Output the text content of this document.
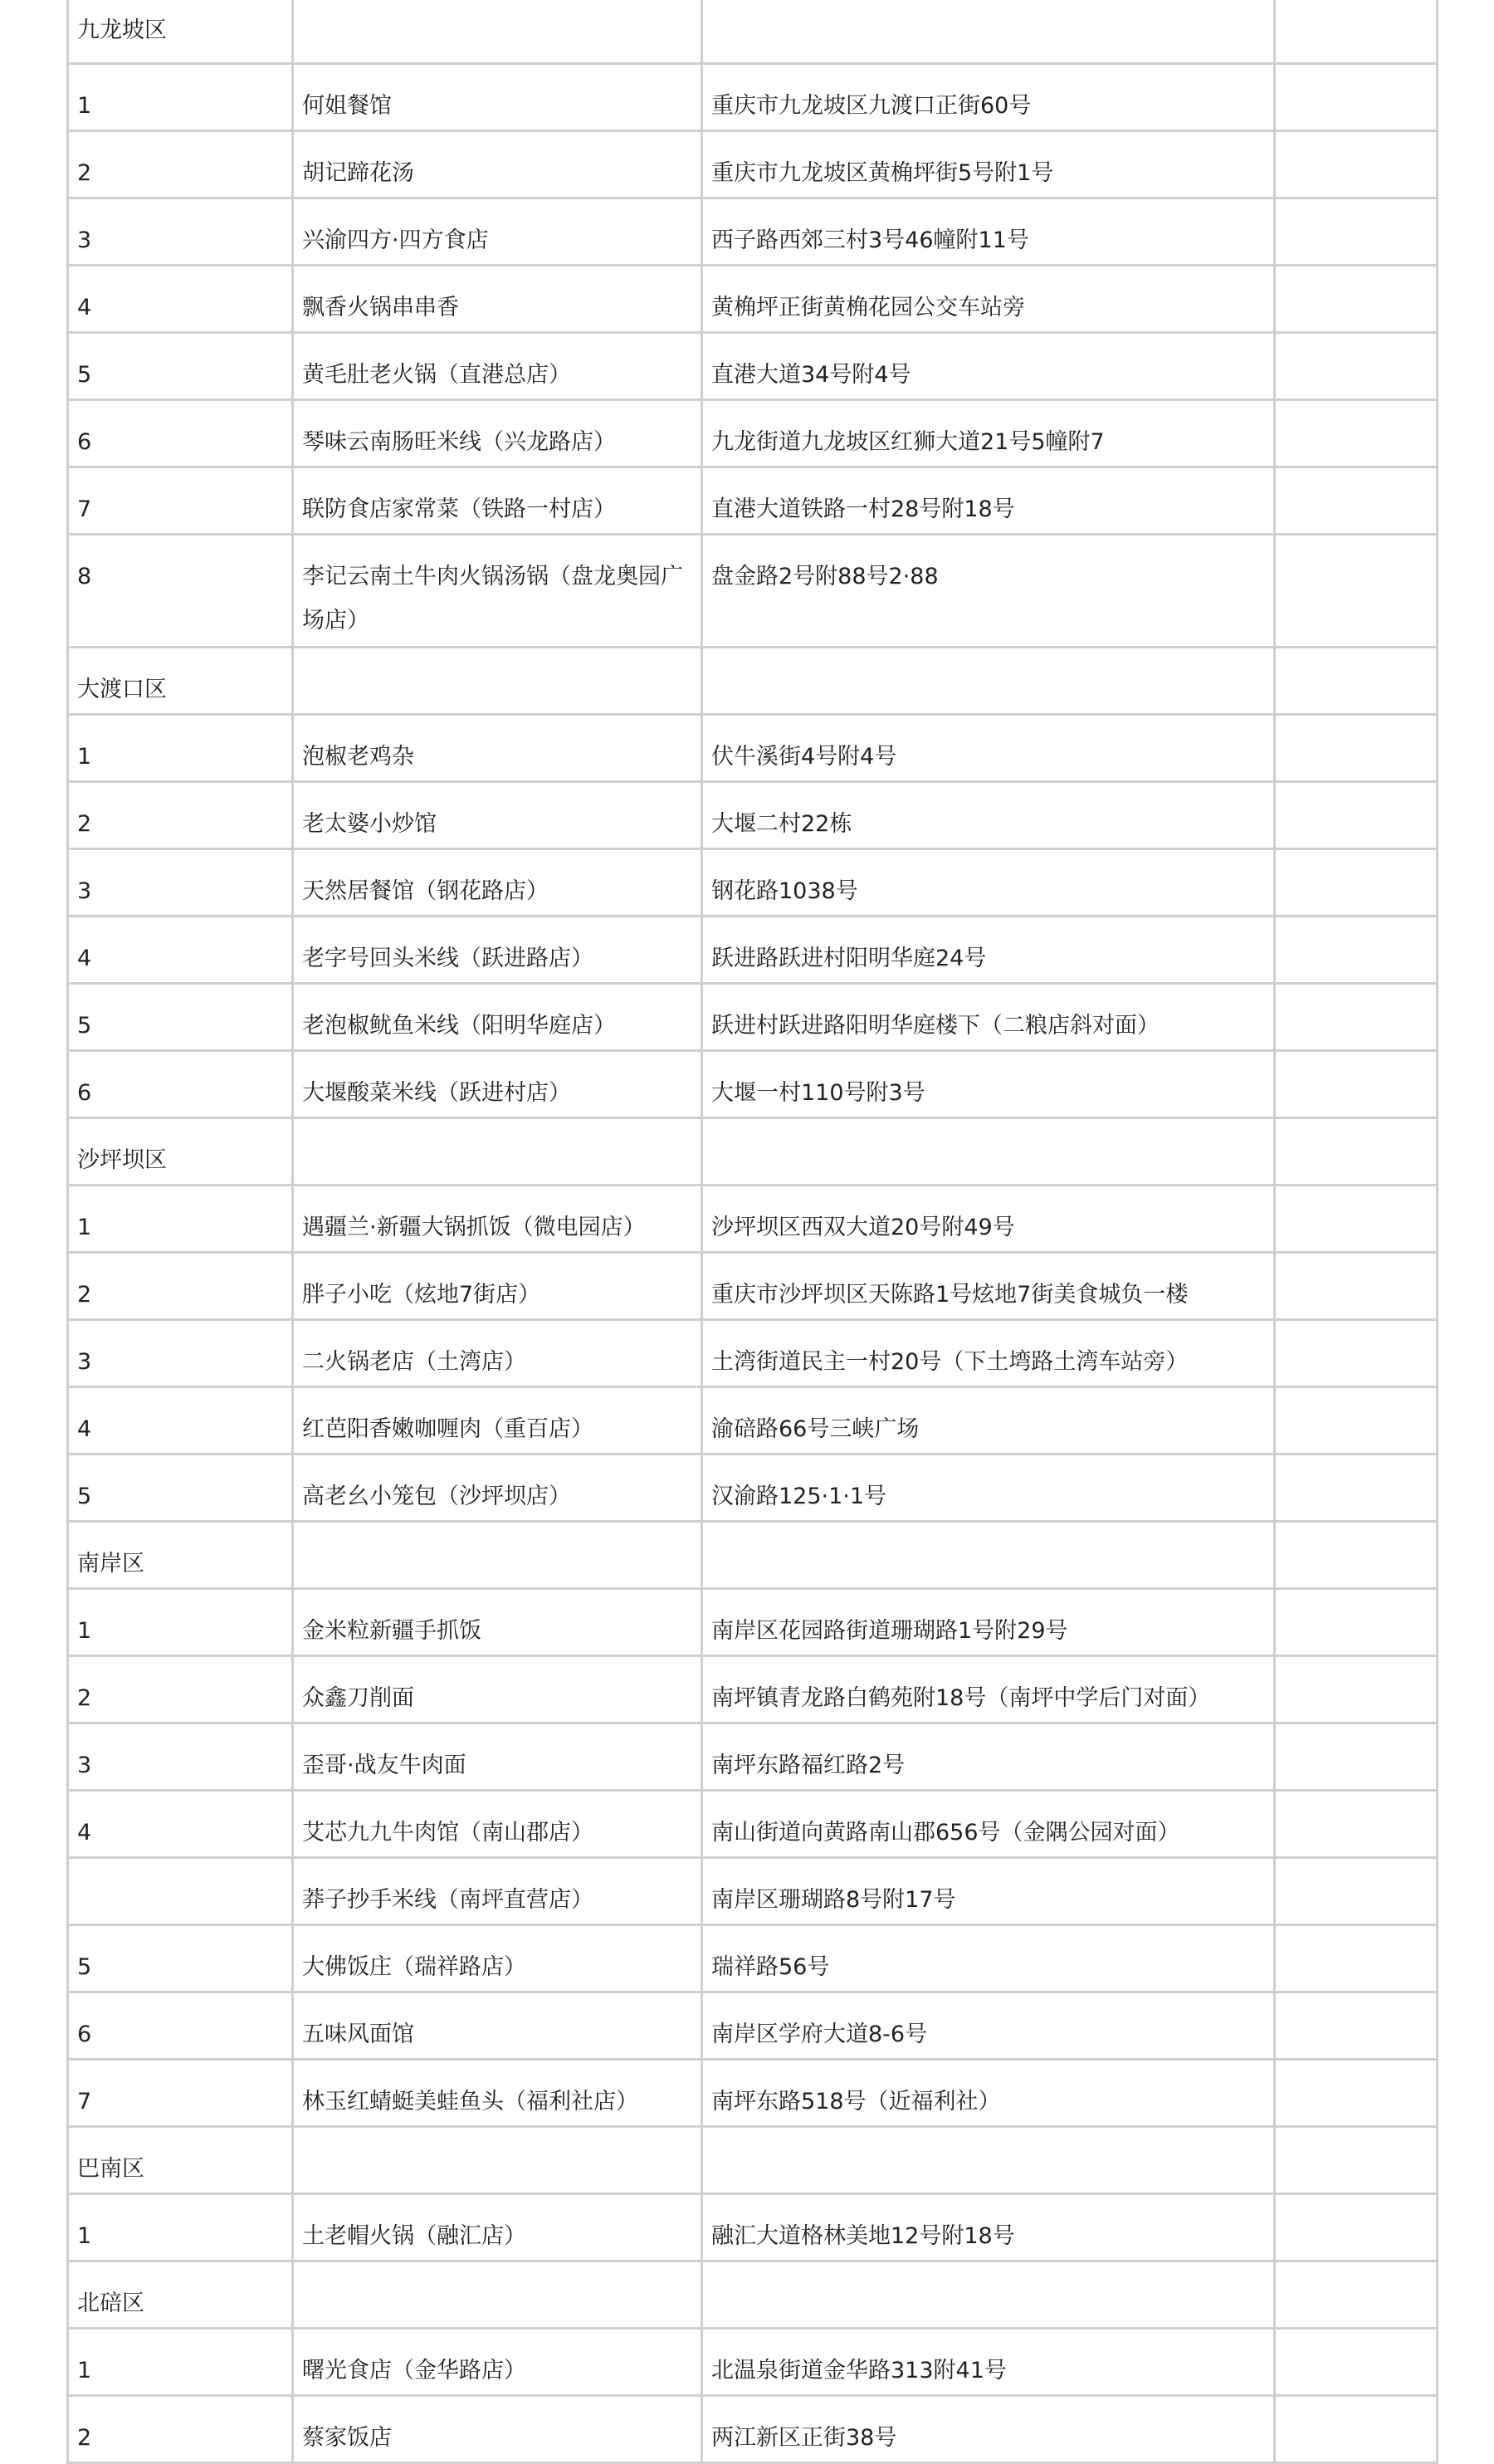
九龙坡区			
1	何姐餐馆	重庆市九龙坡区九渡口正街60号	
2	胡记蹄花汤	重庆市九龙坡区黄桷坪街5号附1号	
3	兴渝四方·四方食店	西子路西郊三村3号46幢附11号	
4	飘香火锅串串香	黄桷坪正街黄桷花园公交车站旁	
5	黄毛肚老火锅（直港总店）	直港大道34号附4号	
6	琴味云南肠旺米线（兴龙路店）	九龙街道九龙坡区红狮大道21号5幢附7	
7	联防食店家常菜（铁路一村店）	直港大道铁路一村28号附18号	
8	李记云南土牛肉火锅汤锅（盘龙奥园广场店）	盘金路2号附88号2·88	
大渡口区			
1	泡椒老鸡杂	伏牛溪街4号附4号	
2	老太婆小炒馆	大堰二村22栋	
3	天然居餐馆（钢花路店）	钢花路1038号	
4	老字号回头米线（跃进路店）	跃进路跃进村阳明华庭24号	
5	老泡椒鱿鱼米线（阳明华庭店）	跃进村跃进路阳明华庭楼下（二粮店斜对面）	
6	大堰酸菜米线（跃进村店）	大堰一村110号附3号	
沙坪坝区			
1	遇疆兰·新疆大锅抓饭（微电园店）	沙坪坝区西双大道20号附49号	
2	胖子小吃（炫地7街店）	重庆市沙坪坝区天陈路1号炫地7街美食城负一楼	
3	二火锅老店（土湾店）	土湾街道民主一村20号（下土塆路土湾车站旁）	
4	红芭阳香嫩咖喱肉（重百店）	渝碚路66号三峡广场	
5	高老幺小笼包（沙坪坝店）	汉渝路125·1·1号	
南岸区			
1	金米粒新疆手抓饭	南岸区花园路街道珊瑚路1号附29号	
2	众鑫刀削面	南坪镇青龙路白鹤苑附18号（南坪中学后门对面）	
3	歪哥·战友牛肉面	南坪东路福红路2号	
4	艾芯九九牛肉馆（南山郡店）	南山街道向黄路南山郡656号（金隅公园对面）	
	莽子抄手米线（南坪直营店）	南岸区珊瑚路8号附17号	
5	大佛饭庄（瑞祥路店）	瑞祥路56号	
6	五味风面馆	南岸区学府大道8-6号	
7	林玉红蜻蜓美蛙鱼头（福利社店）	南坪东路518号（近福利社）	
巴南区			
1	土老帽火锅（融汇店）	融汇大道格林美地12号附18号	
北碚区			
1	曙光食店（金华路店）	北温泉街道金华路313附41号	
2	蔡家饭店	两江新区正街38号	
